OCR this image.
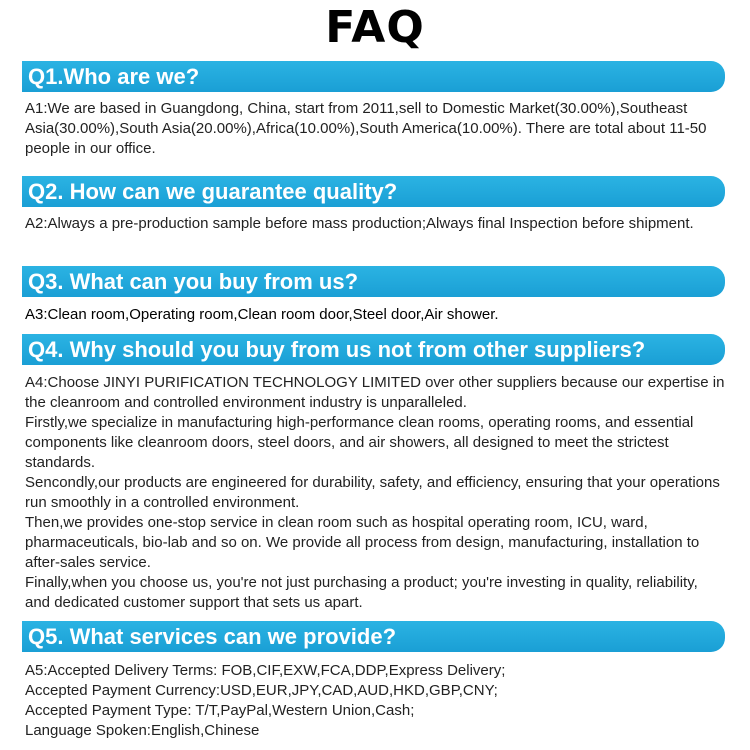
FAQ
Q1.Who are we?

A1:We are based in Guangdong, China, start from 2011,sell to Domestic Market(30.00%),Southeast Asia(30.00%),South Asia(20.00%),Africa(10.00%),South America(10.00%). There are total about 11-50 people in our office.

Q2. How can we guarantee quality?

A2:Always a pre-production sample before mass production;Always final Inspection before shipment.

Q3. What can you buy from us?

A3:Clean room,Operating room,Clean room door,Steel door,Air shower.

Q4. Why should you buy from us not from other suppliers?

A4:Choose JINYI PURIFICATION TECHNOLOGY LIMITED over other suppliers because our expertise in the cleanroom and controlled environment industry is unparalleled.

Firstly,we specialize in manufacturing high-performance clean rooms, operating rooms, and essential components like cleanroom doors, steel doors, and air showers, all designed to meet the strictest standards.

Sencondly,our products are engineered for durability, safety, and efficiency, ensuring that your operations run smoothly in a controlled environment.

Then,we provides one-stop service in clean room such as hospital operating room, ICU, ward, pharmaceuticals, bio-lab and so on. We provide all process from design, manufacturing, installation to after-sales service.

Finally,when you choose us, you're not just purchasing a product; you're investing in quality, reliability, and dedicated customer support that sets us apart.

Q5. What services can we provide?

A5:Accepted Delivery Terms: FOB,CIF,EXW,FCA,DDP,Express Delivery;

Accepted Payment Currency:USD,EUR,JPY,CAD,AUD,HKD,GBP,CNY;

Accepted Payment Type: T/T,PayPal,Western Union,Cash;

Language Spoken:English,Chinese
